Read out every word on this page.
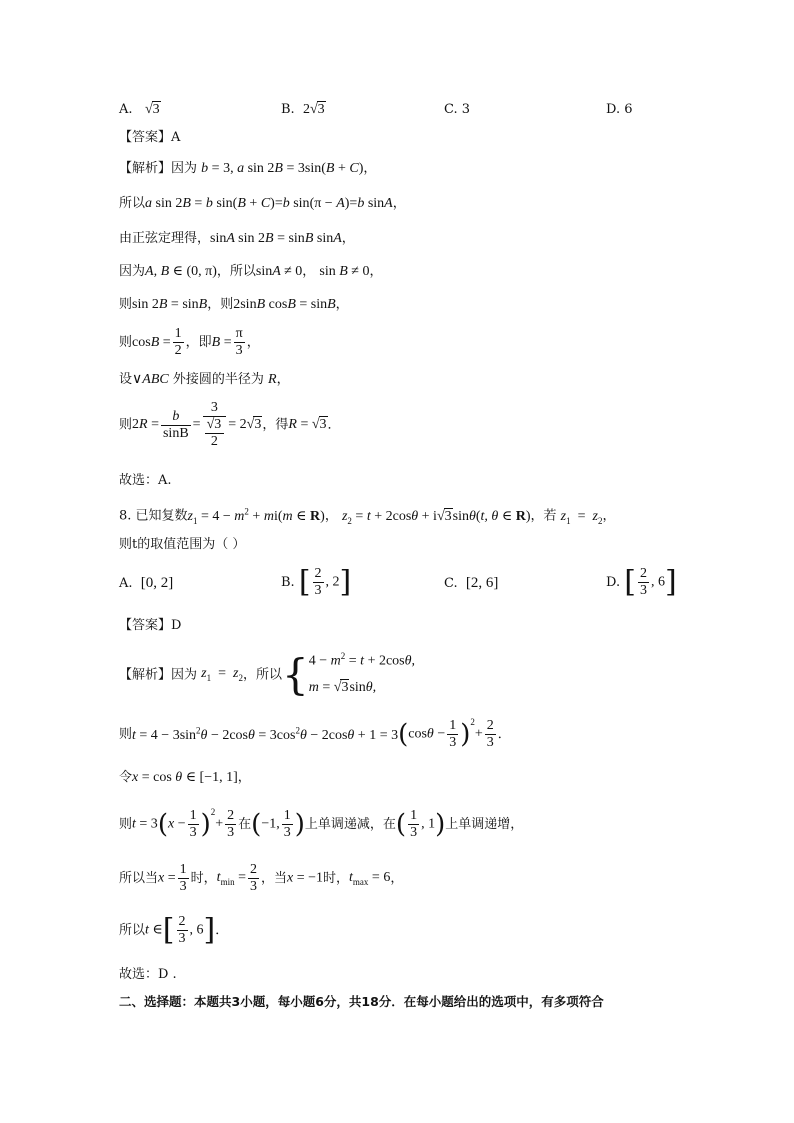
A. √3	B. 2√3	C. 3	D. 6
【答案】A
【解析】因为 b = 3, a sin 2B = 3sin(B + C)，
所以a sin 2B = b sin(B + C)=b sin(π − A)=b sinA，
由正弦定理得，sinA sin 2B = sinB sinA，
因为A, B ∈ (0, π)，所以sinA ≠ 0， sin B ≠ 0，
则sin 2B = sinB，则2sinB cosB = sinB，
则$\cos B = \frac{1}{2}$ ，即$B = \frac{\pi}{3}$ ，
设∨ABC 外接圆的半径为 R，
则$2R = \frac{b}{\sin B} = \frac{3}{\frac{√3}{2}} = 2√3$，得R = √3．
故选：A.
8. 已知复数$z_1 = 4 - m^2 + mi(m$ ∈ R)， $z_2 = t + 2\cos\theta + i√3\sin\theta(t$, θ ∈ R)，若 $z_1 = z_2$，
则t的取值范围为（ ）
A.  [0, 2]	B. [ $\frac{2}{3}$ , 2]	C.  [2, 6]	D. [ $\frac{2}{3}$ , 6]
【答案】D
【解析】因为 $z_1 = z_2$，所以{$4 - m^2 = t + 2\cos\theta$,
m = √3sinθ,
则$t = 4 - 3\sin^2\theta - 2\cos\theta = 3\cos^2\theta - 2\cos\theta + 1 = 3(\cos\theta - \frac{1}{3} )^2+ \frac{2}{3}$ ．
令x = cos θ ∈ [−1, 1]，
则$t = 3(x - \frac{1}{3} )^2+ \frac{2}{3}$ 在(−1, $\frac{1}{3}$ )上单调递减，在( $\frac{1}{3}$ , 1)上单调递增，
所以当$x = \frac{1}{3}$ 时，$t_{min} = \frac{2}{3}$ ，当x = −1时，$t_{max} = 6$，
所以t ∈[ $\frac{2}{3}$ , 6]．
故选：D .
二、选择题：本题共3小题，每小题6分，共18分．在每小题给出的选项中，有多项符合
